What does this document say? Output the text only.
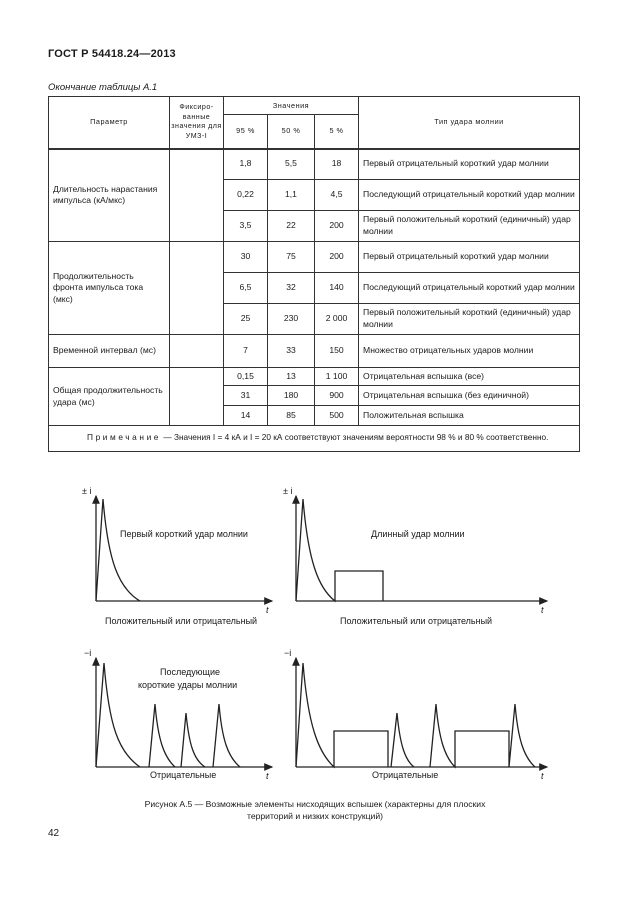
ГОСТ Р 54418.24—2013
Окончание таблицы А.1
Параметр	Фиксиро-ванные значения для УМЗ-I	Значения			Тип удара молнии
		95 %	50 %	5 %	
Длительность нарастания импульса (кА/мкс)		1,8	5,5	18	Первый отрицательный короткий удар молнии
		0,22	1,1	4,5	Последующий отрицательный короткий удар молнии
		3,5	22	200	Первый положительный короткий (единичный) удар молнии
Продолжительность фронта импульса тока (мкс)		30	75	200	Первый отрицательный короткий удар молнии
		6,5	32	140	Последующий отрицательный короткий удар молнии
		25	230	2 000	Первый положительный короткий (единичный) удар молнии
Временной интервал (мс)		7	33	150	Множество отрицательных ударов молнии
Общая продолжительность удара (мс)		0,15	13	1 100	Отрицательная вспышка (все)
		31	180	900	Отрицательная вспышка (без единичной)
		14	85	500	Положительная вспышка
Примечание — Значения I = 4 кА и I = 20 кА соответствуют значениям вероятности 98 % и 80 % соответственно.					
± i
t
Первый короткий удар молнии
Положительный или отрицательный
± i
t
Длинный удар молнии
Положительный или отрицательный
−i
t
Последующие
короткие удары молнии
Отрицательные
−i
t
Отрицательные
Рисунок А.5 — Возможные элементы нисходящих вспышек (характерны для плоских
территорий и низких конструкций)
42
